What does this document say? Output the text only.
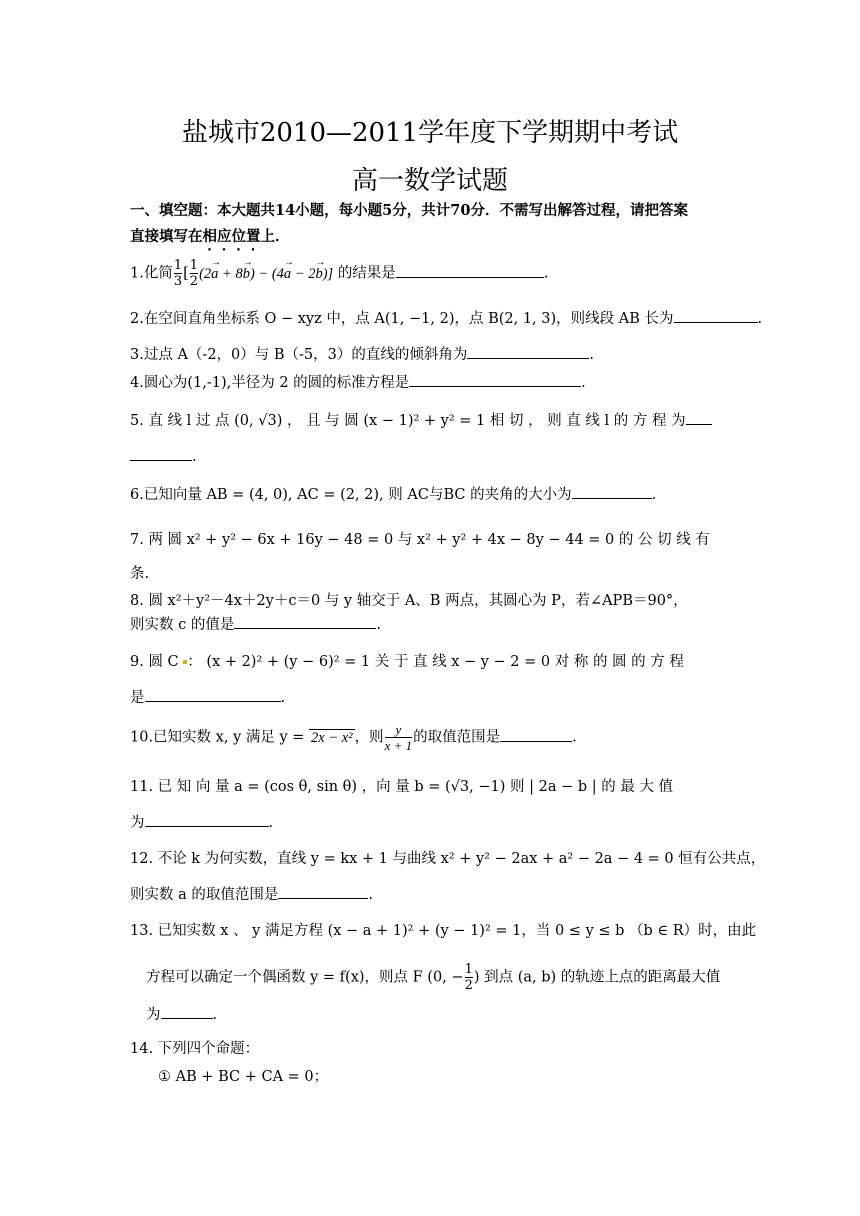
盐城市2010—2011学年度下学期期中考试
高一数学试题
一、填空题：本大题共14小题，每小题5分，共计70分．不需写出解答过程，请把答案
直接填写在相应位置上．
1.化简 $\frac{1}{3}$ [ $\frac{1}{2} (2\to a + 8\to b) - (4\to a - 2\to b)$] 的结果是	.
2.在空间直角坐标系 O − xyz 中，点 A(1, −1, 2)，点 B(2, 1, 3)，则线段 AB 长为	.
3.过点 A（-2，0）与 B（-5，3）的直线的倾斜角为	.
4.圆心为(1,-1),半径为 2 的圆的标准方程是	.
5. 直 线 l 过 点 (0, √3) ， 且 与 圆 (x − 1)² + y² = 1 相 切 ， 则 直 线 l 的 方 程 为
.
6.已知向量 AB = (4, 0), AC = (2, 2), 则 AC与BC 的夹角的大小为	.
7. 两 圆 x² + y² − 6x + 16y − 48 = 0 与 x² + y² + 4x − 8y − 44 = 0 的 公 切 线 有
条.
8. 圆 x²＋y²－4x＋2y＋c＝0 与 y 轴交于 A、B 两点，其圆心为 P，若∠APB＝90°，
则实数 c 的值是	.
9. 圆 C ： (x + 2)² + (y − 6)² = 1 关 于 直 线 x − y − 2 = 0 对 称 的 圆 的 方 程
是	.
10.已知实数 x, y 满足 y = 2x − x² ，则 $\frac{y}{x + 1}$ 的取值范围是	.
11. 已 知 向 量 a = (cos θ, sin θ) ，向 量 b = (√3, −1) 则 | 2a − b | 的 最 大 值
为	.
12. 不论 k 为何实数，直线 y = kx + 1 与曲线 x² + y² − 2ax + a² − 2a − 4 = 0 恒有公共点，
则实数 a 的取值范围是	.
13. 已知实数 x 、 y 满足方程 (x − a + 1)² + (y − 1)² = 1，当 0 ≤ y ≤ b （b ∈ R）时，由此
方程可以确定一个偶函数 y = f(x)，则点 F (0, − $\frac{1}{2}$ ) 到点 (a, b) 的轨迹上点的距离最大值
为	.
14. 下列四个命题：
① AB + BC + CA = 0；
